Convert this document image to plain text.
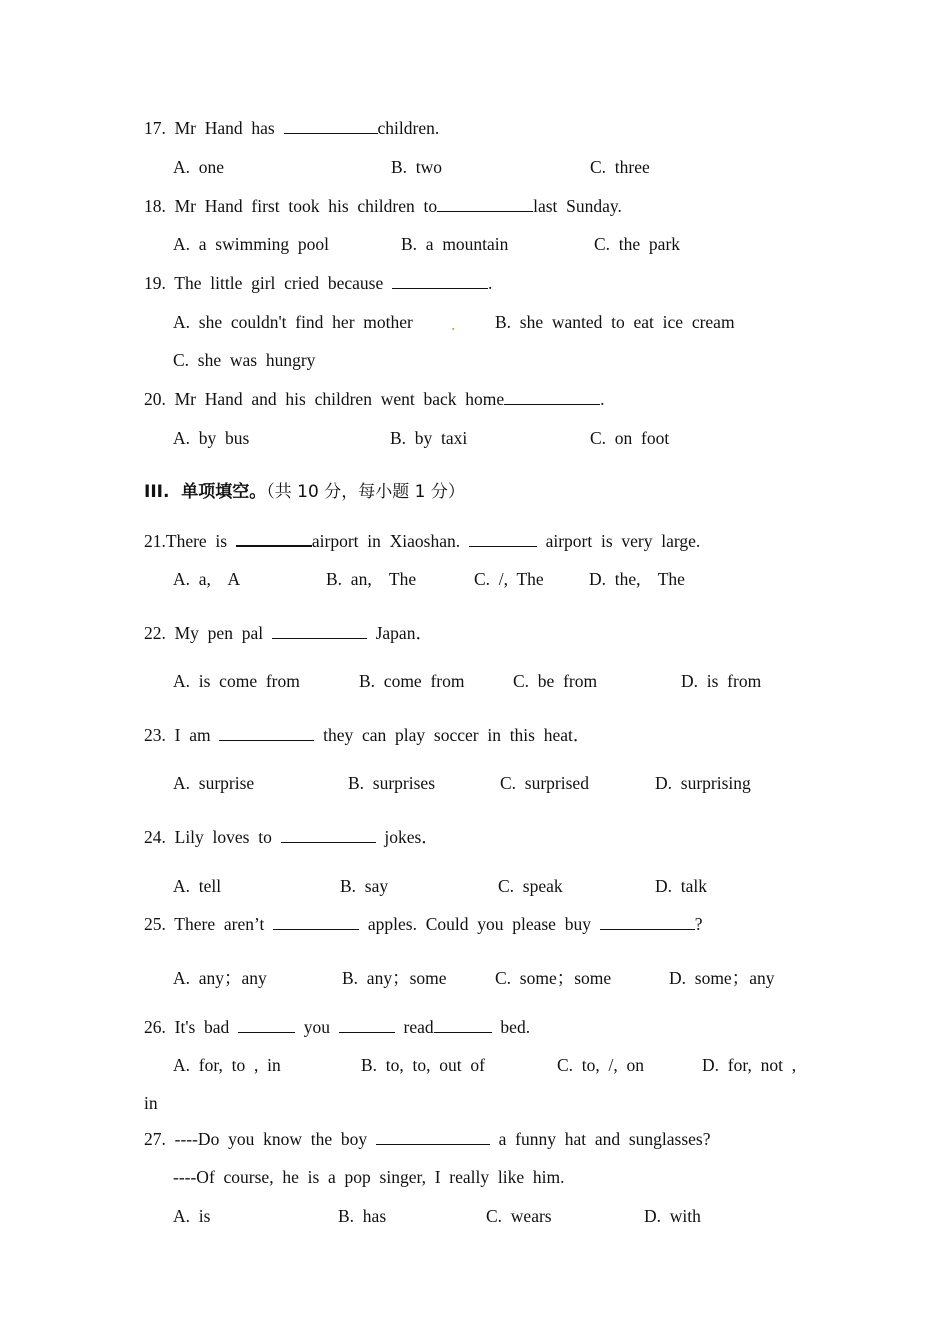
17.  Mr  Hand  has	children.
A.  one	B.  two	C.  three
18.  Mr  Hand  first  took  his  children  to	last  Sunday.
A.  a  swimming  pool	B.  a  mountain	C.  the  park
19.  The  little  girl  cried  because	.
A.  she  couldn't  find  her  mother . B.  she  wanted  to  eat  ice  cream
C.  she  was  hungry
20.  Mr  Hand  and  his  children  went  back  home	.
A.  by  bus	B.  by  taxi	C.  on  foot
III.  单项填空。（共 10 分，每小题 1 分）
21.There  is	airport  in  Xiaoshan.	airport  is  very  large.
A.  a,    A	B.  an,    The	C.  /,  The	D.  the,    The
22.  My  pen  pal	Japan．
A.  is  come  from	B.  come  from	C.  be  from	D.  is  from
23.  I  am	they  can  play  soccer  in  this  heat．
A.  surprise	B.  surprises	C.  surprised	D.  surprising
24.  Lily  loves  to	jokes．
A.  tell	B.  say	C.  speak	D.  talk
25.  There  aren’t	apples.  Could  you  please  buy	?
A.  any；any	B.  any；some	C.  some；some	D.  some；any
26.  It's  bad	you	read	bed.
A.  for,  to  ,  in	B.  to,  to,  out  of	C.  to,  /,  on	D.  for,  not  ,
in
27.  ----Do  you  know  the  boy	a  funny  hat  and  sunglasses?
----Of  course,  he  is  a  pop  singer,  I  really  like  him.
A.  is	B.  has	C.  wears	D.  with
